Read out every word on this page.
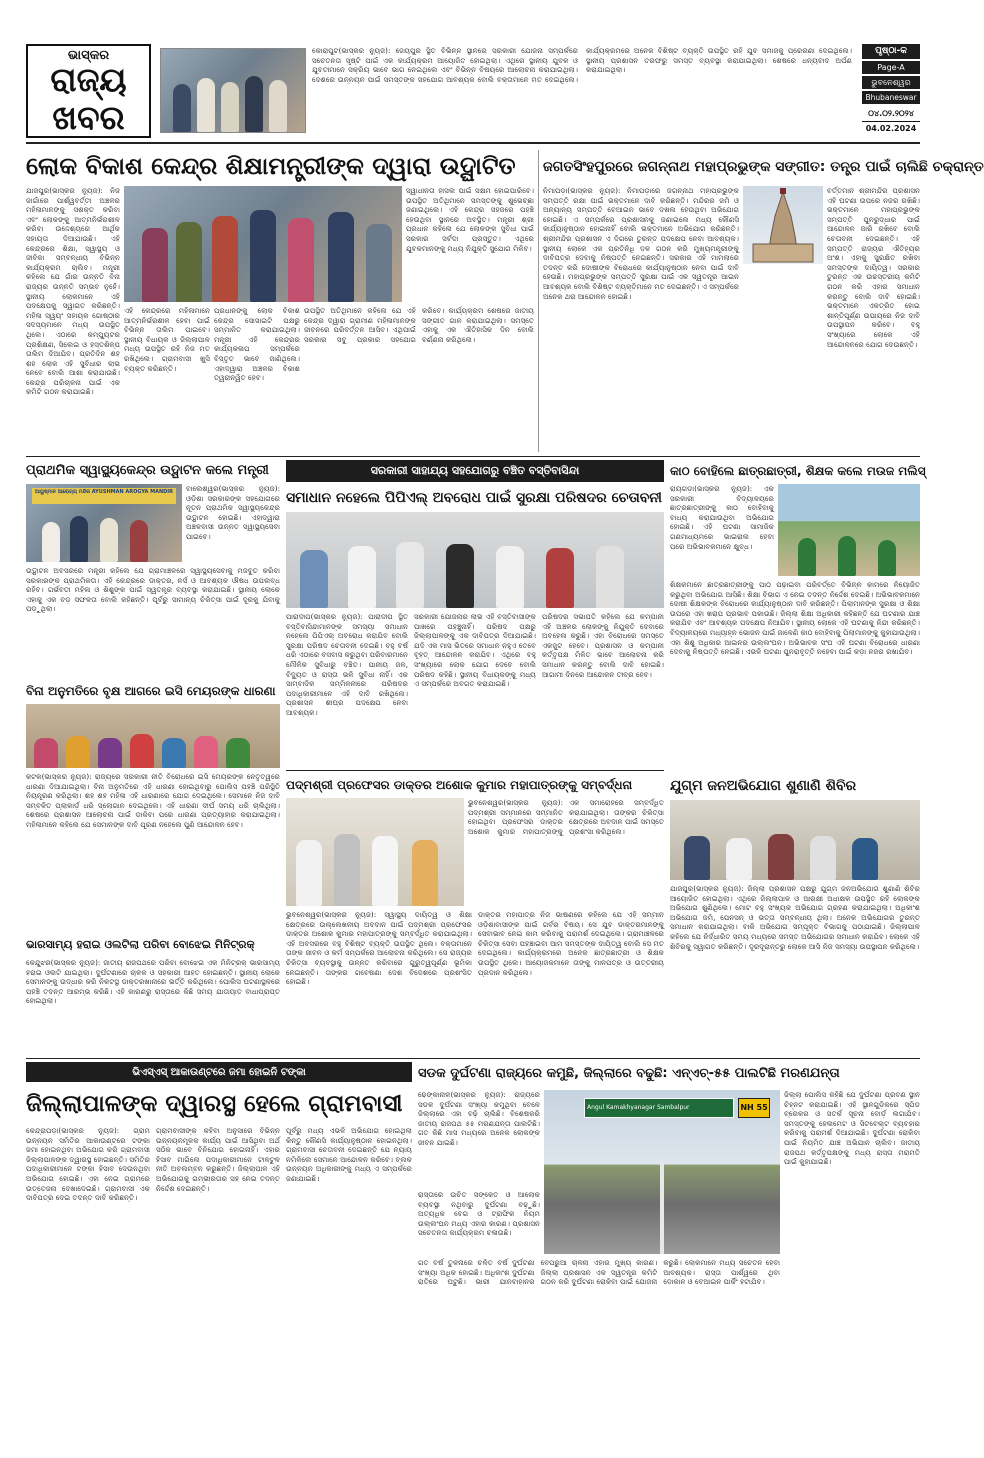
ଭାସ୍କର
ରାଜ୍ୟ
ଖବର
କୋରାପୁଟ(ଭାସ୍କର ନ୍ୟୁଜ): ଜେୟପୁର ସ୍ଥିତ ବିଭିନ୍ନ ସ୍ଥାନରେ ସରକାରୀ ଯୋଜନା ସମ୍ପର୍କରେ ସଚେତନତା ସୃଷ୍ଟି ପାଇଁ ଏକ କାର୍ଯ୍ୟକ୍ରମ ଆୟୋଜିତ ହୋଇଥିଲା। ଏଥିରେ ସ୍ଥାନୀୟ ଯୁବକ ଓ ଯୁବତୀମାନେ ସକ୍ରିୟ ଭାବେ ଭାଗ ନେଇଥିଲେ ଏବଂ ବିଭିନ୍ନ ବିଷୟରେ ଆଲୋଚନା କରାଯାଇଥିଲା। ଦେଶରେ ଉନ୍ନୟନ ପାଇଁ ସମସ୍ତଙ୍କ ସହଯୋଗ ଆବଶ୍ୟକ ବୋଲି ବକ୍ତାମାନେ ମତ ଦେଇଥିଲେ। କାର୍ଯ୍ୟକ୍ରମରେ ଅନେକ ବିଶିଷ୍ଟ ବ୍ୟକ୍ତି ଉପସ୍ଥିତ ରହି ଯୁବ ସମାଜକୁ ପ୍ରେରଣା ଦେଇଥିଲେ। ସ୍ଥାନୀୟ ପ୍ରଶାସନ ତରଫରୁ ସମସ୍ତ ବ୍ୟବସ୍ଥା କରାଯାଇଥିଲା। ଶେଷରେ ଧନ୍ୟବାଦ ଅର୍ପଣ କରାଯାଇଥିଲା।
ପୃଷ୍ଠା-କ
Page-A
ଭୁବନେଶ୍ୱର
Bhubaneswar
୦୪.୦୨.୨୦୨୪
04.02.2024
ଲୋକ ବିକାଶ କେନ୍ଦ୍ର ଶିକ୍ଷାମନ୍ତ୍ରୀଙ୍କ ଦ୍ୱାରା ଉଦ୍ଘାଟିତ
ଯାଜପୁର(ଭାସ୍କର ନ୍ୟୁଜ): ନିଜ ଜାଗାଁରେ ପାର୍ଶ୍ୱବର୍ତ୍ତୀ ଅଞ୍ଚଳର ମହିଳାମାନଙ୍କୁ ସଶକ୍ତ କରିବା ଏବଂ ଲୋକଙ୍କୁ ଆତ୍ମନିର୍ଭରଶୀଳ କରିବା ଉଦ୍ଦେଶ୍ୟରେ ଆର୍ଥିକ ସହାୟତା ଦିଆଯାଉଛି। ଏହି କେନ୍ଦ୍ରରେ ଶିକ୍ଷା, ସ୍ୱାସ୍ଥ୍ୟ ଓ ଜୀବିକା ସମ୍ବନ୍ଧୀୟ ବିଭିନ୍ନ କାର୍ଯ୍ୟକ୍ରମ ଚାଲିବ। ମନ୍ତ୍ରୀ କହିଲେ ଯେ ଗାଁର ଉନ୍ନତି ବିନା ରାଜ୍ୟର ଉନ୍ନତି ସମ୍ଭବ ନୁହେଁ। ସ୍ଥାନୀୟ ଲୋକମାନେ ଏହି ପଦକ୍ଷେପକୁ ସ୍ୱାଗତ କରିଛନ୍ତି। ମହିଳା ସ୍ୱୟଂ ସହାୟକ ଗୋଷ୍ଠୀର ସଦସ୍ୟମାନେ ମଧ୍ୟ ଉପସ୍ଥିତ ଥିଲେ। ଏଠାରେ କମ୍ପ୍ୟୁଟର ପ୍ରଶିକ୍ଷଣ, ସିଲେଇ ଓ ହସ୍ତଶିଳ୍ପ ତାଲିମ ଦିଆଯିବ। ପ୍ରତିଦିନ ଶହ ଶହ ଲୋକ ଏହି ସୁବିଧାର ଲାଭ ନେବେ ବୋଲି ଆଶା କରାଯାଉଛି। କେନ୍ଦ୍ର ପରିଚାଳନା ପାଇଁ ଏକ କମିଟି ଗଠନ କରାଯାଇଛି।
ସ୍ୱାଧୀନତା ହାସଲ ପାଇଁ ସକ୍ଷମ ହୋଇପାରିବେ। ଉପସ୍ଥିତ ଅତିଥିମାନେ ସମସ୍ତଙ୍କୁ ଶୁଭେଚ୍ଛା ଜଣାଇଥିଲେ। ଏହି କେନ୍ଦ୍ର ସହଜରେ ପହଞ୍ଚି ହେଉଥିବା ସ୍ଥାନରେ ଅବସ୍ଥିତ। ମନ୍ତ୍ରୀ ଶ୍ରୀ ପ୍ରଧାନ କହିଲେ ଯେ ଲୋକଙ୍କ ସୁବିଧା ପାଇଁ ସରକାର ସର୍ବଦା ପ୍ରସ୍ତୁତ। ଏଥିରେ ଯୁବକମାନଙ୍କୁ ମଧ୍ୟ ନିଯୁକ୍ତି ସୁଯୋଗ ମିଳିବ।
ଏହି କେନ୍ଦ୍ରରେ ମହିଳାମାନେ ଆତ୍ମନିର୍ଭରଶୀଳ ହେବା ପାଇଁ ବିଭିନ୍ନ ତାଲିମ ପାଇବେ। ସ୍ଥାନୀୟ ବିଧାୟକ ଓ ଜିଲ୍ଲାପାଳ ମଧ୍ୟ ଉପସ୍ଥିତ ରହି ନିଜ ମତ ରଖିଥିଲେ। ଗ୍ରାମବାସୀ ଖୁସି ବ୍ୟକ୍ତ କରିଛନ୍ତି।
ପ୍ରଧାନଙ୍କୁ ଲୋକ ବିକାଶ କେନ୍ଦ୍ର ସୋସାଇଟି ପକ୍ଷରୁ ସମ୍ମାନିତ କରାଯାଇଥିଲା। ମନ୍ତ୍ରୀ ଏହି କେନ୍ଦ୍ରର କାର୍ଯ୍ୟକଳାପ ସମ୍ପର୍କରେ ବିସ୍ତୃତ ଭାବେ ଜାଣିଥିଲେ। ଏହାଦ୍ୱାରା ଅଞ୍ଚଳର ବିକାଶ ତ୍ୱରାନ୍ୱିତ ହେବ।
ଉପସ୍ଥିତ ଅତିଥିମାନେ କହିଲେ ଯେ ଏହି କେନ୍ଦ୍ର ଦ୍ୱାରା ଗ୍ରାମୀଣ ମହିଳାମାନଙ୍କ ଜୀବନରେ ପରିବର୍ତ୍ତନ ଆସିବ। ଏଥିପାଇଁ ସରକାର ସବୁ ପ୍ରକାର ସହଯୋଗ କରିବେ। କାର୍ଯ୍ୟକ୍ରମ ଶେଷରେ ଜାତୀୟ ସଙ୍ଗୀତ ଗାନ କରାଯାଇଥିଲା। ସମସ୍ତେ ଏହାକୁ ଏକ ଐତିହାସିକ ଦିନ ବୋଲି ବର୍ଣ୍ଣନା କରିଥିଲେ।
ଜଗତସିଂହପୁରରେ ଜଗନ୍ନାଥ ମହାପ୍ରଭୁଙ୍କ ସଙ୍ଗୀତ: ତନ୍ତ୍ର ପାଇଁ ଚାଲିଛି ଚକ୍ରାନ୍ତ
ନିମାପଡ଼ା(ଭାସ୍କର ନ୍ୟୁଜ): ନିମାପଡ଼ାରେ ଜଗନ୍ନାଥ ମହାପ୍ରଭୁଙ୍କ ସମ୍ପତ୍ତି ରକ୍ଷା ପାଇଁ ଭକ୍ତମାନେ ଦାବି କରିଛନ୍ତି। ମନ୍ଦିରର ଜମି ଓ ଅନ୍ୟାନ୍ୟ ସମ୍ପତ୍ତି ବେଆଇନ ଭାବେ ଦଖଲ ହେଉଥିବା ଅଭିଯୋଗ ହୋଇଛି। ଏ ସମ୍ପର୍କରେ ପ୍ରଶାସନକୁ ଜଣାଇଲେ ମଧ୍ୟ କୌଣସି କାର୍ଯ୍ୟାନୁଷ୍ଠାନ ହୋଇନାହିଁ ବୋଲି ଭକ୍ତମାନେ ଅଭିଯୋଗ କରିଛନ୍ତି। ଶ୍ରୀମନ୍ଦିର ପ୍ରଶାସନ ଏ ଦିଗରେ ତୁରନ୍ତ ପଦକ୍ଷେପ ନେବା ଆବଶ୍ୟକ। ସ୍ଥାନୀୟ ଲୋକେ ଏକ ପ୍ରତିନିଧି ଦଳ ଗଠନ କରି ମୁଖ୍ୟମନ୍ତ୍ରୀଙ୍କୁ ଦାବିପତ୍ର ଦେବାକୁ ନିଷ୍ପତ୍ତି ନେଇଛନ୍ତି। ସରକାର ଏହି ମାମଲାରେ ତଦନ୍ତ କରି ଦୋଷୀଙ୍କ ବିରୋଧରେ କାର୍ଯ୍ୟାନୁଷ୍ଠାନ ନେବା ପାଇଁ ଦାବି ହେଉଛି। ମହାପ୍ରଭୁଙ୍କ ସମ୍ପତ୍ତି ସୁରକ୍ଷା ପାଇଁ ଏକ ସ୍ୱତନ୍ତ୍ର ଆଇନ ଆବଶ୍ୟକ ବୋଲି ବିଶିଷ୍ଟ ବ୍ୟକ୍ତିମାନେ ମତ ଦେଇଛନ୍ତି। ଏ ସମ୍ପର୍କରେ ଅନେକ ଥର ଆନ୍ଦୋଳନ ହୋଇଛି।
ବର୍ତ୍ତମାନ ଶ୍ରୀମନ୍ଦିର ପ୍ରଶାସନ ଏହି ଘଟଣା ଉପରେ ନଜର ରଖିଛି। ଭକ୍ତମାନେ ମହାପ୍ରଭୁଙ୍କ ସମ୍ପତ୍ତି ପୁନରୁଦ୍ଧାର ପାଇଁ ଆନ୍ଦୋଳନ ଜାରି ରଖିବେ ବୋଲି ଚେତାବନୀ ଦେଇଛନ୍ତି। ଏହି ସମ୍ପତ୍ତି ରାଜ୍ୟର ଐତିହ୍ୟର ଅଂଶ। ଏହାକୁ ସୁରକ୍ଷିତ ରଖିବା ସମସ୍ତଙ୍କ ଦାୟିତ୍ୱ। ସରକାର ତୁରନ୍ତ ଏକ ଉଚ୍ଚସ୍ତରୀୟ କମିଟି ଗଠନ କରି ଏହାର ସମାଧାନ କରନ୍ତୁ ବୋଲି ଦାବି ହୋଇଛି। ଭକ୍ତମାନେ ଏକତ୍ରିତ ହୋଇ ଶାନ୍ତିପୂର୍ଣ୍ଣ ଉପାୟରେ ନିଜ ଦାବି ଉପସ୍ଥାପନ କରିବେ। ବହୁ ସଂଖ୍ୟାରେ ଲୋକେ ଏହି ଆନ୍ଦୋଳନରେ ଯୋଗ ଦେଉଛନ୍ତି।
ପ୍ରାଥମିକ ସ୍ୱାସ୍ଥ୍ୟକେନ୍ଦ୍ର ଉଦ୍ଘାଟନ କଲେ ମନ୍ତ୍ରୀ
ଆୟୁଷ୍ମାନ ଆରୋଗ୍ୟ ମନ୍ଦିର AYUSHMAN AROGYA MANDIR	ବାଲେଶ୍ୱର(ଭାସ୍କର ନ୍ୟୁଜ): ଓଡ଼ିଶା ସରକାରଙ୍କ ସହଯୋଗରେ ନୂତନ ପ୍ରାଥମିକ ସ୍ୱାସ୍ଥ୍ୟକେନ୍ଦ୍ର ଉଦ୍ଘାଟନ ହୋଇଛି। ଏହାଦ୍ୱାରା ଅଞ୍ଚଳବାସୀ ଉନ୍ନତ ସ୍ୱାସ୍ଥ୍ୟସେବା ପାଇବେ।
ଉଦ୍ଘାଟନ ଅବସରରେ ମନ୍ତ୍ରୀ କହିଲେ ଯେ ଗ୍ରାମାଞ୍ଚଳରେ ସ୍ୱାସ୍ଥ୍ୟସେବାକୁ ମଜବୁତ କରିବା ସରକାରଙ୍କ ପ୍ରାଥମିକତା। ଏହି କେନ୍ଦ୍ରରେ ଡାକ୍ତର, ନର୍ସ ଓ ଆବଶ୍ୟକ ଔଷଧ ଉପଲବ୍ଧ ରହିବ। ଗର୍ଭବତୀ ମହିଳା ଓ ଶିଶୁଙ୍କ ପାଇଁ ସ୍ୱତନ୍ତ୍ର ବ୍ୟବସ୍ଥା କରାଯାଇଛି। ସ୍ଥାନୀୟ ଲୋକେ ଏହାକୁ ଏକ ବଡ଼ ସଫଳତା ବୋଲି କହିଛନ୍ତି। ପୂର୍ବରୁ ସାମାନ୍ୟ ଚିକିତ୍ସା ପାଇଁ ଦୂରକୁ ଯିବାକୁ ପଡ଼ୁଥିଲା।
ସରକାରୀ ସାହାଯ୍ୟ ସହଯୋଗରୁ ବଞ୍ଚିତ ବସ୍ତିବାସିନ୍ଦା
ସମାଧାନ ନହେଲେ ପିପିଏଲ୍ ଅବରୋଧ ପାଇଁ ସୁରକ୍ଷା ପରିଷଦର ଚେତାବନୀ
ପାରାଦୀପ(ଭାସ୍କର ନ୍ୟୁଜ): ପାରାଦୀପ ସ୍ଥିତ ବସ୍ତିବାସିନ୍ଦାମାନଙ୍କ ସମସ୍ୟା ସମାଧାନ ନହେଲେ ପିପିଏଲ୍ ଅବରୋଧ କରାଯିବ ବୋଲି ସୁରକ୍ଷା ପରିଷଦ ଚେତାବନୀ ଦେଇଛି। ବହୁ ବର୍ଷ ଧରି ଏଠାରେ ବସବାସ କରୁଥିବା ପରିବାରମାନେ ମୌଳିକ ସୁବିଧାରୁ ବଞ୍ଚିତ। ପାନୀୟ ଜଳ, ବିଦ୍ୟୁତ ଓ ରାସ୍ତା ଭଳି ସୁବିଧା ନାହିଁ। ଏକ ସାମ୍ବାଦିକ ସମ୍ମିଳନୀରେ ପରିଷଦର ପଦାଧିକାରୀମାନେ ଏହି ଦାବି ରଖିଥିଲେ। ପ୍ରଶାସନ ଶୀଘ୍ର ପଦକ୍ଷେପ ନେବା ଆବଶ୍ୟକ।
ସରକାରୀ ଯୋଜନାର ଲାଭ ଏହି ବସ୍ତିବାସୀଙ୍କ ପାଖରେ ପହଞ୍ଚୁନାହିଁ। ପରିଷଦ ପକ୍ଷରୁ ଜିଲ୍ଲାପାଳଙ୍କୁ ଏକ ଦାବିପତ୍ର ଦିଆଯାଇଛି। ଯଦି ଏକ ମାସ ଭିତରେ ସମାଧାନ ନହୁଏ ତେବେ ବୃହତ୍ ଆନ୍ଦୋଳନ କରାଯିବ। ଏଥିରେ ବହୁ ସଂଖ୍ୟାରେ ଲୋକ ଯୋଗ ଦେବେ ବୋଲି ପରିଷଦ କହିଛି। ସ୍ଥାନୀୟ ବିଧାୟକଙ୍କୁ ମଧ୍ୟ ଏ ସମ୍ପର୍କରେ ଅବଗତ କରାଯାଇଛି।
ପରିଷଦର ସଭାପତି କହିଲେ ଯେ କମ୍ପାନୀ ଏହି ଅଞ୍ଚଳର ଲୋକଙ୍କୁ ନିଯୁକ୍ତି ଦେବାରେ ଅବହେଳା କରୁଛି। ଏହା ବିରୋଧରେ ସମସ୍ତେ ଏକଜୁଟ ହେବେ। ପ୍ରଶାସନ ଓ କମ୍ପାନୀ କର୍ତ୍ତୃପକ୍ଷ ମିଳିତ ଭାବେ ଆଲୋଚନା କରି ସମାଧାନ କରନ୍ତୁ ବୋଲି ଦାବି ହୋଇଛି। ଆଗାମୀ ଦିନରେ ଆନ୍ଦୋଳନ ତୀବ୍ର ହେବ।
କାଠ ବୋହିଲେ ଛାତ୍ରଛାତ୍ରୀ, ଶିକ୍ଷକ କଲେ ମଉଜ ମଲିସ୍
ରାୟଗଡ଼ା(ଭାସ୍କର ନ୍ୟୁଜ): ଏକ ସରକାରୀ ବିଦ୍ୟାଳୟରେ ଛାତ୍ରଛାତ୍ରୀଙ୍କୁ କାଠ ବୋହିବାକୁ ବାଧ୍ୟ କରାଯାଉଥିବା ଅଭିଯୋଗ ହୋଇଛି। ଏହି ଘଟଣା ସାମାଜିକ ଗଣମାଧ୍ୟମରେ ଭାଇରାଲ ହେବା ପରେ ଅଭିଭାବକମାନେ କ୍ଷୁବ୍ଧ।
ଶିକ୍ଷକମାନେ ଛାତ୍ରଛାତ୍ରୀଙ୍କୁ ପାଠ ପଢ଼ାଇବା ପରିବର୍ତ୍ତେ ବିଭିନ୍ନ କାମରେ ନିୟୋଜିତ କରୁଥିବା ଅଭିଯୋଗ ଆସିଛି। ଶିକ୍ଷା ବିଭାଗ ଏ ନେଇ ତଦନ୍ତ ନିର୍ଦ୍ଦେଶ ଦେଇଛି। ଅଭିଭାବକମାନେ ଦୋଷୀ ଶିକ୍ଷକଙ୍କ ବିରୋଧରେ କାର୍ଯ୍ୟାନୁଷ୍ଠାନ ଦାବି କରିଛନ୍ତି। ପିଲାମାନଙ୍କ ସୁରକ୍ଷା ଓ ଶିକ୍ଷା ଉପରେ ଏହା ଖରାପ ପ୍ରଭାବ ପକାଉଛି। ଜିଲ୍ଲା ଶିକ୍ଷା ଅଧିକାରୀ କହିଛନ୍ତି ଯେ ଘଟଣାର ଯାଞ୍ଚ କରାଯିବ ଏବଂ ଆବଶ୍ୟକ ପଦକ୍ଷେପ ନିଆଯିବ। ସ୍ଥାନୀୟ ଲୋକେ ଏହି ଘଟଣାକୁ ନିନ୍ଦା କରିଛନ୍ତି। ବିଦ୍ୟାଳୟରେ ମଧ୍ୟାହ୍ନ ଭୋଜନ ପାଇଁ ଜାଳେଣି କାଠ ବୋହିବାକୁ ପିଲାମାନଙ୍କୁ କୁହାଯାଉଥିଲା। ଏହା ଶିଶୁ ଅଧିକାର ଆଇନର ଉଲ୍ଲଂଘନ। ଅଭିଭାବକ ସଂଘ ଏହି ଘଟଣା ବିରୋଧରେ ଧାରଣା ଦେବାକୁ ନିଷ୍ପତ୍ତି ନେଇଛି। ଏଭଳି ଘଟଣା ପୁନରାବୃତ୍ତି ନହେବା ପାଇଁ କଡ଼ା ନଜର ରଖାଯିବ।
ବିନା ଅନୁମତିରେ ବୃକ୍ଷ ଆଗରେ ଇସି ମେୟରଙ୍କ ଧାରଣା
କଟକ(ଭାସ୍କର ନ୍ୟୁଜ): ରାଜ୍ୟରେ ସରକାରୀ ନୀତି ବିରୋଧରେ ଇସି ମେୟରଙ୍କ ନେତୃତ୍ୱରେ ଧାରଣା ଦିଆଯାଇଥିଲା। ବିନା ଅନୁମତିରେ ଏହି ଧାରଣା ହୋଇଥିବାରୁ ପୋଲିସ ପହଞ୍ଚି ପରିସ୍ଥିତି ନିୟନ୍ତ୍ରଣ କରିଥିଲା। ଶହ ଶହ ମହିଳା ଏହି ଧାରଣାରେ ଯୋଗ ଦେଇଥିଲେ। ସେମାନେ ନିଜ ଦାବି ସମ୍ବଳିତ ପ୍ଲାକାର୍ଡ଼ ଧରି ସ୍ଲୋଗାନ ଦେଇଥିଲେ। ଏହି ଧାରଣା ଦୀର୍ଘ ସମୟ ଧରି ଚାଲିଥିଲା। ଶେଷରେ ପ୍ରଶାସନ ଆଲୋଚନା ପାଇଁ ଡାକିବା ପରେ ଧାରଣା ପ୍ରତ୍ୟାହାର କରାଯାଇଥିଲା। ମହିଳାମାନେ କହିଲେ ଯେ ସେମାନଙ୍କ ଦାବି ପୂରଣ ନହେଲେ ପୁଣି ଆନ୍ଦୋଳନ ହେବ।
ଭାରସାମ୍ୟ ହରାଇ ଓଲଟିଲା ପରିବା ବୋଝେଇ ମିନିଟ୍ରକ୍
କେନ୍ଦୁଝର(ଭାସ୍କର ନ୍ୟୁଜ): ଜାତୀୟ ରାଜପଥରେ ପରିବା ବୋଝେଇ ଏକ ମିନିଟ୍ରକ୍ ଭାରସାମ୍ୟ ହରାଇ ଓଲଟି ଯାଇଥିଲା। ଦୁର୍ଘଟଣାରେ ଚାଳକ ଓ ସହକାରୀ ଆହତ ହୋଇଛନ୍ତି। ସ୍ଥାନୀୟ ଲୋକେ ସେମାନଙ୍କୁ ଉଦ୍ଧାର କରି ନିକଟସ୍ଥ ଡାକ୍ତରଖାନାରେ ଭର୍ତ୍ତି କରିଥିଲେ। ପୋଲିସ ଘଟଣାସ୍ଥଳରେ ପହଞ୍ଚି ତଦନ୍ତ ଆରମ୍ଭ କରିଛି। ଏହି କାରଣରୁ ରାସ୍ତାରେ କିଛି ସମୟ ଯାତାୟାତ ବାଧାପ୍ରାପ୍ତ ହୋଇଥିଲା।
ପଦ୍ମଶ୍ରୀ ପ୍ରଫେସର ଡାକ୍ତର ଅଶୋକ କୁମାର ମହାପାତ୍ରଙ୍କୁ ସମ୍ବର୍ଦ୍ଧନା
ଭୁବନେଶ୍ୱର(ଭାସ୍କର ନ୍ୟୁଜ): ପଦ୍ମଶ୍ରୀ ସମ୍ମାନରେ ସମ୍ମାନିତ ହୋଇଥିବା ପ୍ରଫେସର ଡାକ୍ତର ଅଶୋକ କୁମାର ମହାପାତ୍ରଙ୍କୁ ଏକ ସମାରୋହରେ ସମ୍ବର୍ଦ୍ଧିତ କରାଯାଇଥିଲା। ତାଙ୍କର ଚିକିତ୍ସା କ୍ଷେତ୍ରରେ ଅବଦାନ ପାଇଁ ସମସ୍ତେ ପ୍ରଶଂସା କରିଥିଲେ।
ଭୁବନେଶ୍ୱର(ଭାସ୍କର ନ୍ୟୁଜ): ସ୍ୱାସ୍ଥ୍ୟ ଦାୟିତ୍ୱ ଓ ଶିକ୍ଷା କ୍ଷେତ୍ରରେ ଉଲ୍ଲେଖନୀୟ ଅବଦାନ ପାଇଁ ପଦ୍ମଶ୍ରୀ ପ୍ରଫେସର ଡାକ୍ତର ଅଶୋକ କୁମାର ମହାପାତ୍ରଙ୍କୁ ସମ୍ବର୍ଦ୍ଧିତ କରାଯାଇଥିଲା। ଏହି ଅବସରରେ ବହୁ ବିଶିଷ୍ଟ ବ୍ୟକ୍ତି ଉପସ୍ଥିତ ଥିଲେ। ବକ୍ତାମାନେ ତାଙ୍କ ଜୀବନ ଓ କର୍ମ ସମ୍ପର୍କରେ ଆଲୋଚନା କରିଥିଲେ। ସେ ରାଜ୍ୟର ଚିକିତ୍ସା ବ୍ୟବସ୍ଥାକୁ ଉନ୍ନତ କରିବାରେ ଗୁରୁତ୍ୱପୂର୍ଣ୍ଣ ଭୂମିକା ନେଇଛନ୍ତି। ତାଙ୍କର ଗବେଷଣା ଦେଶ ବିଦେଶରେ ପ୍ରଶଂସିତ ହୋଇଛି।
ଡାକ୍ତର ମହାପାତ୍ର ନିଜ ଭାଷଣରେ କହିଲେ ଯେ ଏହି ସମ୍ମାନ ଓଡ଼ିଶାବାସୀଙ୍କ ପାଇଁ ଗର୍ବର ବିଷୟ। ସେ ଯୁବ ଡାକ୍ତରମାନଙ୍କୁ ସେବାଭାବ ନେଇ କାମ କରିବାକୁ ପରାମର୍ଶ ଦେଇଥିଲେ। ଗ୍ରାମାଞ୍ଚଳରେ ଚିକିତ୍ସା ସେବା ପହଞ୍ଚାଇବା ଆମ ସମସ୍ତଙ୍କ ଦାୟିତ୍ୱ ବୋଲି ସେ ମତ ଦେଇଥିଲେ। କାର୍ଯ୍ୟକ୍ରମରେ ଅନେକ ଛାତ୍ରଛାତ୍ରୀ ଓ ଶିକ୍ଷକ ଉପସ୍ଥିତ ଥିଲେ। ଆୟୋଜକମାନେ ତାଙ୍କୁ ମାନପତ୍ର ଓ ଉତ୍ତରୀୟ ପ୍ରଦାନ କରିଥିଲେ।
ଯୁଗ୍ମ ଜନଅଭିଯୋଗ ଶୁଣାଣି ଶିବିର
ଯାଜପୁର(ଭାସ୍କର ନ୍ୟୁଜ): ଜିଲ୍ଲା ପ୍ରଶାସନ ପକ୍ଷରୁ ଯୁଗ୍ମ ଜନଅଭିଯୋଗ ଶୁଣାଣି ଶିବିର ଆୟୋଜିତ ହୋଇଥିଲା। ଏଥିରେ ଜିଲ୍ଲାପାଳ ଓ ଆରକ୍ଷୀ ଅଧୀକ୍ଷକ ଉପସ୍ଥିତ ରହି ଲୋକଙ୍କ ଅଭିଯୋଗ ଶୁଣିଥିଲେ। ମୋଟ ବହୁ ସଂଖ୍ୟକ ଅଭିଯୋଗ ଗ୍ରହଣ କରାଯାଇଥିଲା। ଅଧିକାଂଶ ଅଭିଯୋଗ ଜମି, ପେନସନ୍ ଓ ଭତ୍ତା ସମ୍ବନ୍ଧୀୟ ଥିଲା। ଅନେକ ଅଭିଯୋଗର ତୁରନ୍ତ ସମାଧାନ କରାଯାଇଥିଲା। ବାକି ଅଭିଯୋଗ ସମ୍ପୃକ୍ତ ବିଭାଗକୁ ପଠାଯାଇଛି। ଜିଲ୍ଲାପାଳ କହିଲେ ଯେ ନିର୍ଦ୍ଧାରିତ ସମୟ ମଧ୍ୟରେ ସମସ୍ତ ଅଭିଯୋଗର ସମାଧାନ କରାଯିବ। ଲୋକେ ଏହି ଶିବିରକୁ ସ୍ୱାଗତ କରିଛନ୍ତି। ଦୂରଦୂରାନ୍ତରୁ ଲୋକେ ଆସି ନିଜ ସମସ୍ୟା ଉପସ୍ଥାପନ କରିଥିଲେ।
ଭିଏସ୍‌ଏସ୍ ଆକାଉଣ୍ଟରେ ଜମା ହୋଇନି ଟଙ୍କା
ଜିଲ୍ଲାପାଳଙ୍କ ଦ୍ୱାରସ୍ଥ ହେଲେ ଗ୍ରାମବାସୀ
କେନ୍ଦ୍ରାପଡ଼ା(ଭାସ୍କର ନ୍ୟୁଜ): ଗ୍ରାମ ଉନ୍ନୟନ ସମିତିର ଆକାଉଣ୍ଟରେ ଟଙ୍କା ଜମା ହୋଇନଥିବା ଅଭିଯୋଗ କରି ଗ୍ରାମବାସୀ ଜିଲ୍ଲାପାଳଙ୍କ ଦ୍ୱାରସ୍ଥ ହୋଇଛନ୍ତି। ସମିତିର ପଦାଧିକାରୀମାନେ ଟଙ୍କା ହିସାବ ଦେଉନଥିବା ଅଭିଯୋଗ ହୋଇଛି। ଏହା ନେଇ ଗ୍ରାମରେ ଉତ୍ତେଜନା ଦେଖାଦେଇଛି। ଗ୍ରାମବାସୀ ଏକ ଦାବିପତ୍ର ଦେଇ ତଦନ୍ତ ଦାବି କରିଛନ୍ତି।
ଗ୍ରାମବାସୀଙ୍କ କହିବା ଅନୁସାରେ ବିଭିନ୍ନ ଉନ୍ନୟନମୂଳକ କାର୍ଯ୍ୟ ପାଇଁ ଆସିଥିବା ଅର୍ଥ ସଠିକ ଭାବେ ବିନିଯୋଗ ହୋଇନାହିଁ। ଏହାର ହିସାବ ମାଗିଲେ ପଦାଧିକାରୀମାନେ ଟାଳଟୁଳ ନୀତି ଅବଲମ୍ବନ କରୁଛନ୍ତି। ଜିଲ୍ଲାପାଳ ଏହି ଅଭିଯୋଗକୁ ଗମ୍ଭୀରତାର ସହ ନେଇ ତଦନ୍ତ ନିର୍ଦ୍ଦେଶ ଦେଇଛନ୍ତି।
ପୂର୍ବରୁ ମଧ୍ୟ ଏଭଳି ଅଭିଯୋଗ ହୋଇଥିଲା କିନ୍ତୁ କୌଣସି କାର୍ଯ୍ୟାନୁଷ୍ଠାନ ହୋଇନଥିଲା। ଗ୍ରାମବାସୀ ଚେତାବନୀ ଦେଇଛନ୍ତି ଯେ ନ୍ୟାୟ ନମିଳିଲେ ସେମାନେ ଆନ୍ଦୋଳନ କରିବେ। ବ୍ଲକ ଉନ୍ନୟନ ଅଧିକାରୀଙ୍କୁ ମଧ୍ୟ ଏ ସମ୍ପର୍କରେ ଜଣାଯାଇଛି।
ସଡକ ଦୁର୍ଘଟଣା ରାଜ୍ୟରେ କମୁଛି, ଜିଲ୍ଲାରେ ବଢୁଛି: ଏନ୍‌ଏଚ୍-୫୫ ପାଲଟିଛି ମରଣଯନ୍ତା
ଢେଙ୍କାନାଳ(ଭାସ୍କର ନ୍ୟୁଜ): ରାଜ୍ୟରେ ସଡକ ଦୁର୍ଘଟଣା ସଂଖ୍ୟା କମୁଥିବା ବେଳେ ଜିଲ୍ଲାରେ ଏହା ବଢ଼ି ଚାଲିଛି। ବିଶେଷକରି ଜାତୀୟ ରାଜପଥ ୫୫ ମରଣଯନ୍ତା ପାଲଟିଛି। ଗତ କିଛି ମାସ ମଧ୍ୟରେ ଅନେକ ଲୋକଙ୍କ ଜୀବନ ଯାଇଛି।
Angul Kamakhyanagar Sambalpur	NH 55
ରାସ୍ତାରେ ଉଚିତ ସଙ୍କେତ ଓ ଆଲୋକ ବ୍ୟବସ୍ଥା ନଥିବାରୁ ଦୁର୍ଘଟଣା ବଢ଼ୁଛି। ଅତ୍ୟଧିକ ବେଗ ଓ ଟ୍ରାଫିକ ନିୟମ ଉଲ୍ଲଂଘନ ମଧ୍ୟ ଏହାର କାରଣ। ପ୍ରଶାସନ ସଚେତନତା କାର୍ଯ୍ୟକ୍ରମ ଚଳାଉଛି।
ଜିଲ୍ଲା ପୋଲିସ କହିଛି ଯେ ଦୁର୍ଘଟଣା ପ୍ରବଣ ସ୍ଥାନ ଚିହ୍ନଟ କରାଯାଇଛି। ଏହି ସ୍ଥାନଗୁଡ଼ିକରେ ସ୍ପିଡ ବ୍ରେକର ଓ ସତର୍କ ସୂଚନା ବୋର୍ଡ଼ ଲଗାଯିବ। ସମସ୍ତଙ୍କୁ ହେଲମେଟ ଓ ସିଟବେଲ୍ଟ ବ୍ୟବହାର କରିବାକୁ ପରାମର୍ଶ ଦିଆଯାଇଛି। ଦୁର୍ଘଟଣା ରୋକିବା ପାଇଁ ନିୟମିତ ଯାଞ୍ଚ ଅଭିଯାନ ଚାଲିବ। ଜାତୀୟ ରାଜପଥ କର୍ତ୍ତୃପକ୍ଷଙ୍କୁ ମଧ୍ୟ ରାସ୍ତା ମରାମତି ପାଇଁ କୁହାଯାଇଛି।
ଗତ ବର୍ଷ ତୁଳନାରେ ଚଳିତ ବର୍ଷ ଦୁର୍ଘଟଣା ସଂଖ୍ୟା ଅଧିକ ହୋଇଛି। ଅଧିକାଂଶ ଦୁର୍ଘଟଣା ରାତିରେ ଘଟୁଛି। ଭାରୀ ଯାନବାହାନର ବେପରୁଆ ଚାଳନା ଏହାର ମୁଖ୍ୟ କାରଣ। ଜିଲ୍ଲା ପ୍ରଶାସନ ଏକ ସ୍ୱତନ୍ତ୍ର କମିଟି ଗଠନ କରି ଦୁର୍ଘଟଣା ରୋକିବା ପାଇଁ ଯୋଜନା କରୁଛି। ଲୋକମାନେ ମଧ୍ୟ ସଚେତନ ହେବା ଆବଶ୍ୟକ। ରାସ୍ତା ପାର୍ଶ୍ୱରେ ଥିବା ଦୋକାନ ଓ ବେଆଇନ ପାର୍କିଂ ହଟାଯିବ।
